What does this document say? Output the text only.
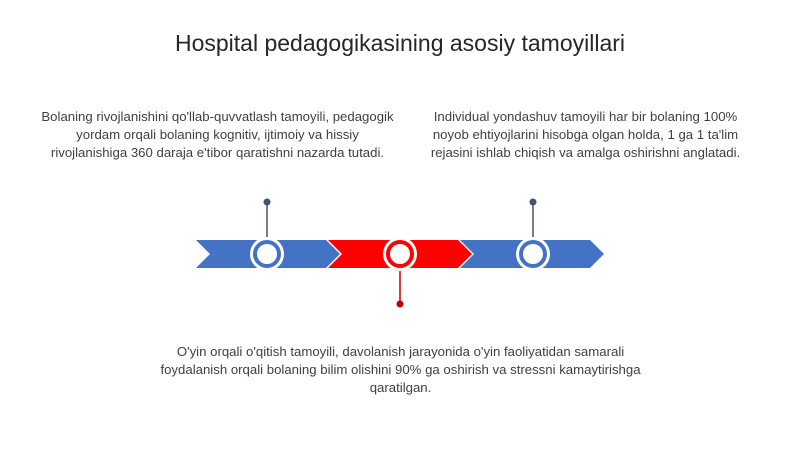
Hospital pedagogikasining asosiy tamoyillari
Bolaning rivojlanishini qo'llab-quvvatlash tamoyili, pedagogik yordam orqali bolaning kognitiv, ijtimoiy va hissiy rivojlanishiga 360 daraja e'tibor qaratishni nazarda tutadi.
Individual yondashuv tamoyili har bir bolaning 100% noyob ehtiyojlarini hisobga olgan holda, 1 ga 1 ta'lim rejasini ishlab chiqish va amalga oshirishni anglatadi.
O'yin orqali o'qitish tamoyili, davolanish jarayonida o'yin faoliyatidan samarali foydalanish orqali bolaning bilim olishini 90% ga oshirish va stressni kamaytirishga qaratilgan.
